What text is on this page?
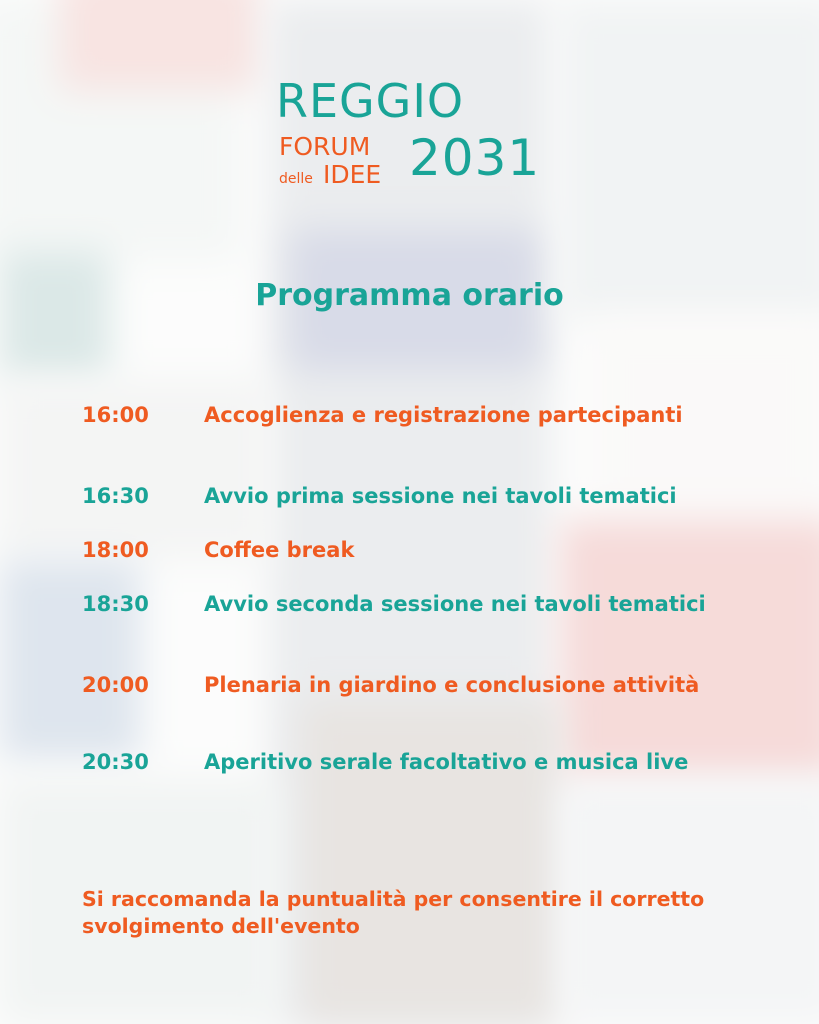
REGGIO
FORUM
delle IDEE 2031
Programma orario
16:00	Accoglienza e registrazione partecipanti
16:30	Avvio prima sessione nei tavoli tematici
18:00	Coffee break
18:30	Avvio seconda sessione nei tavoli tematici
20:00	Plenaria in giardino e conclusione attività
20:30	Aperitivo serale facoltativo e musica live
Si raccomanda la puntualità per consentire il corretto svolgimento dell'evento
